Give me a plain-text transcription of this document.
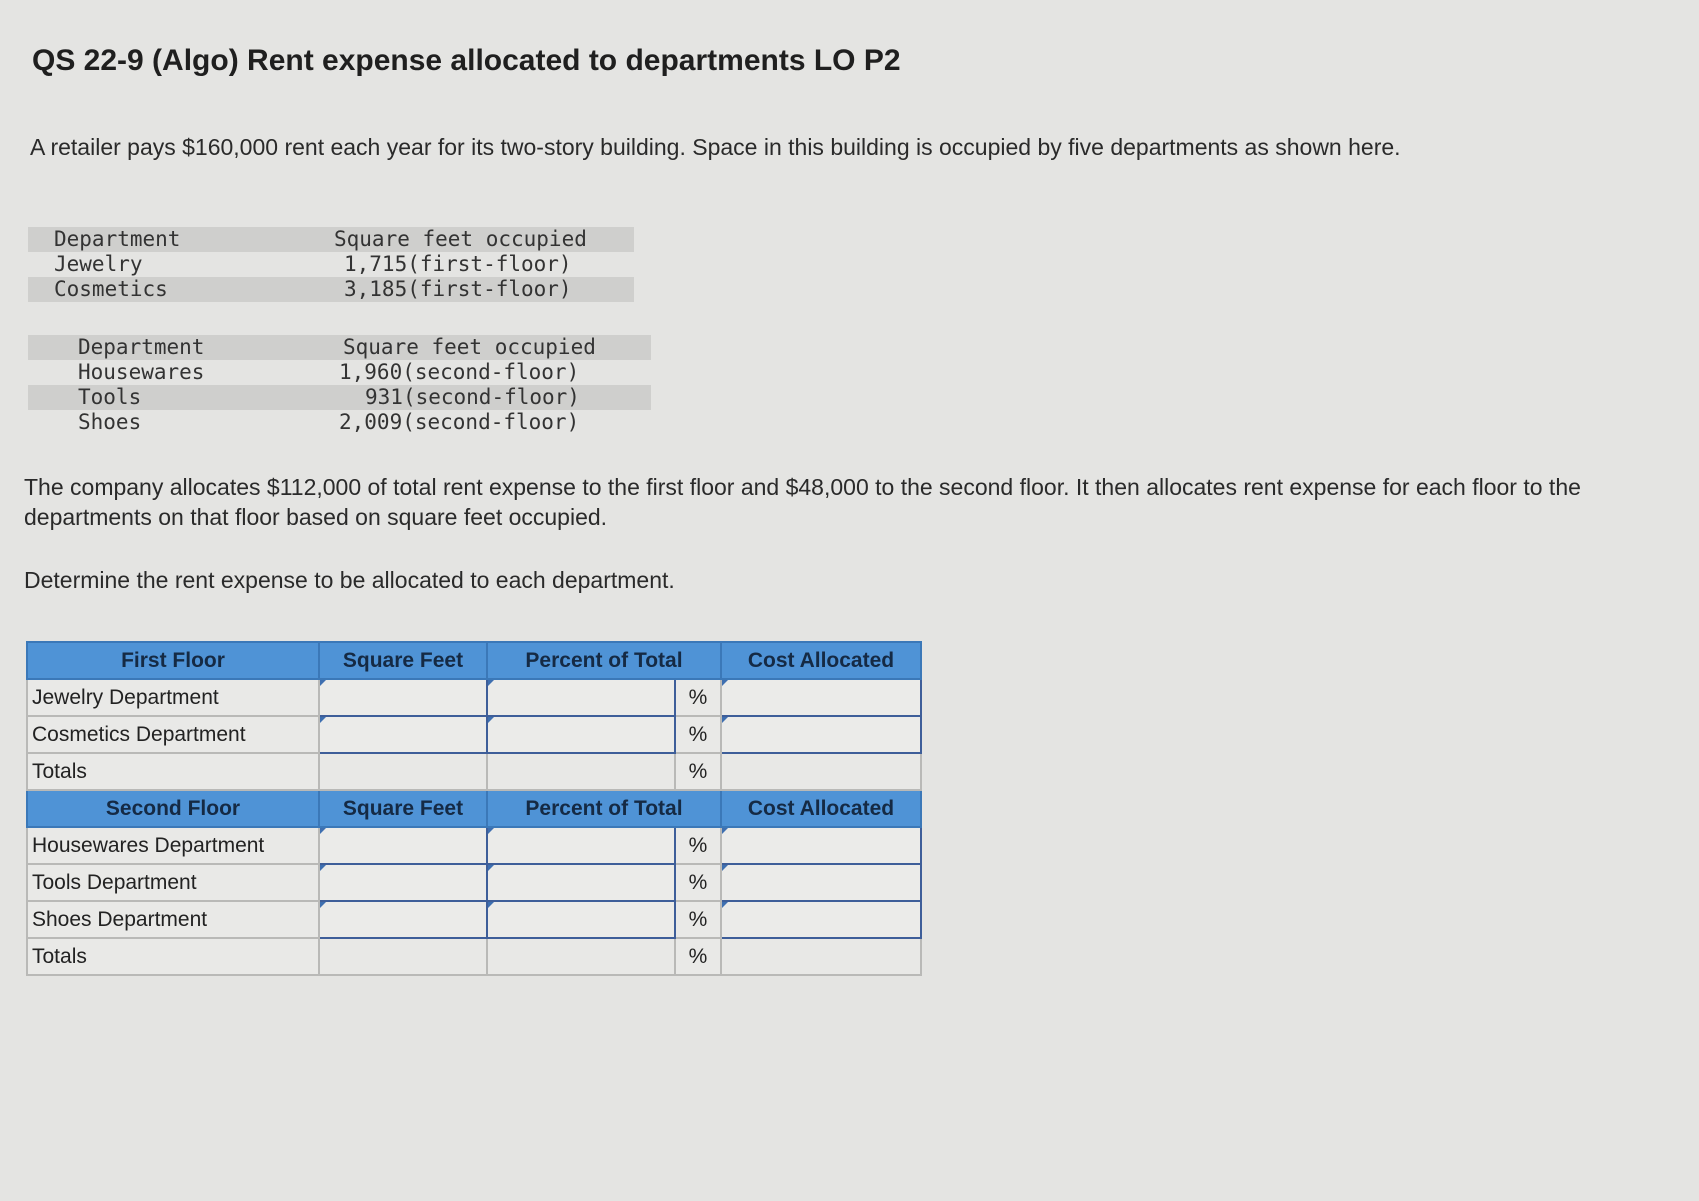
QS 22-9 (Algo) Rent expense allocated to departments LO P2
A retailer pays $160,000 rent each year for its two-story building. Space in this building is occupied by five departments as shown here.
Department	Square feet occupied
Jewelry	1,715(first-floor)
Cosmetics	3,185(first-floor)
Department	Square feet occupied
Housewares	1,960(second-floor)
Tools	931(second-floor)
Shoes	2,009(second-floor)
The company allocates $112,000 of total rent expense to the first floor and $48,000 to the second floor. It then allocates rent expense for each floor to the departments on that floor based on square feet occupied.
Determine the rent expense to be allocated to each department.
First Floor	Square Feet	Percent of Total		Cost Allocated
Jewelry Department			%	
Cosmetics Department			%	
Totals			%	
Second Floor	Square Feet	Percent of Total		Cost Allocated
Housewares Department			%	
Tools Department			%	
Shoes Department			%	
Totals			%	
